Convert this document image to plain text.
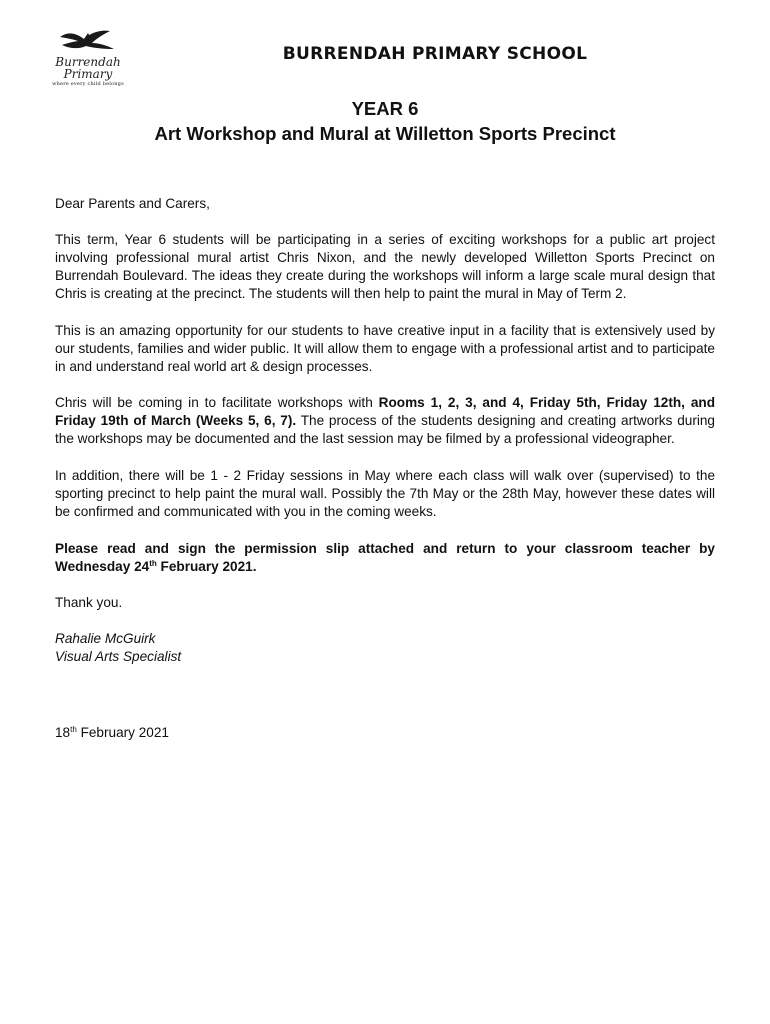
Burrendah
Primary
where every child belongs
BURRENDAH PRIMARY SCHOOL
YEAR 6
Art Workshop and Mural at Willetton Sports Precinct
Dear Parents and Carers,
This term, Year 6 students will be participating in a series of exciting workshops for a public art project involving professional mural artist Chris Nixon, and the newly developed Willetton Sports Precinct on Burrendah Boulevard. The ideas they create during the workshops will inform a large scale mural design that Chris is creating at the precinct. The students will then help to paint the mural in May of Term 2.
This is an amazing opportunity for our students to have creative input in a facility that is extensively used by our students, families and wider public. It will allow them to engage with a professional artist and to participate in and understand real world art & design processes.
Chris will be coming in to facilitate workshops with Rooms 1, 2, 3, and 4, Friday 5th, Friday 12th, and Friday 19th of March (Weeks 5, 6, 7). The process of the students designing and creating artworks during the workshops may be documented and the last session may be filmed by a professional videographer.
In addition, there will be 1 - 2 Friday sessions in May where each class will walk over (supervised) to the sporting precinct to help paint the mural wall. Possibly the 7th May or the 28th May, however these dates will be confirmed and communicated with you in the coming weeks.
Please read and sign the permission slip attached and return to your classroom teacher by Wednesday 24th February 2021.
Thank you.
Rahalie McGuirk
Visual Arts Specialist
18th February 2021
